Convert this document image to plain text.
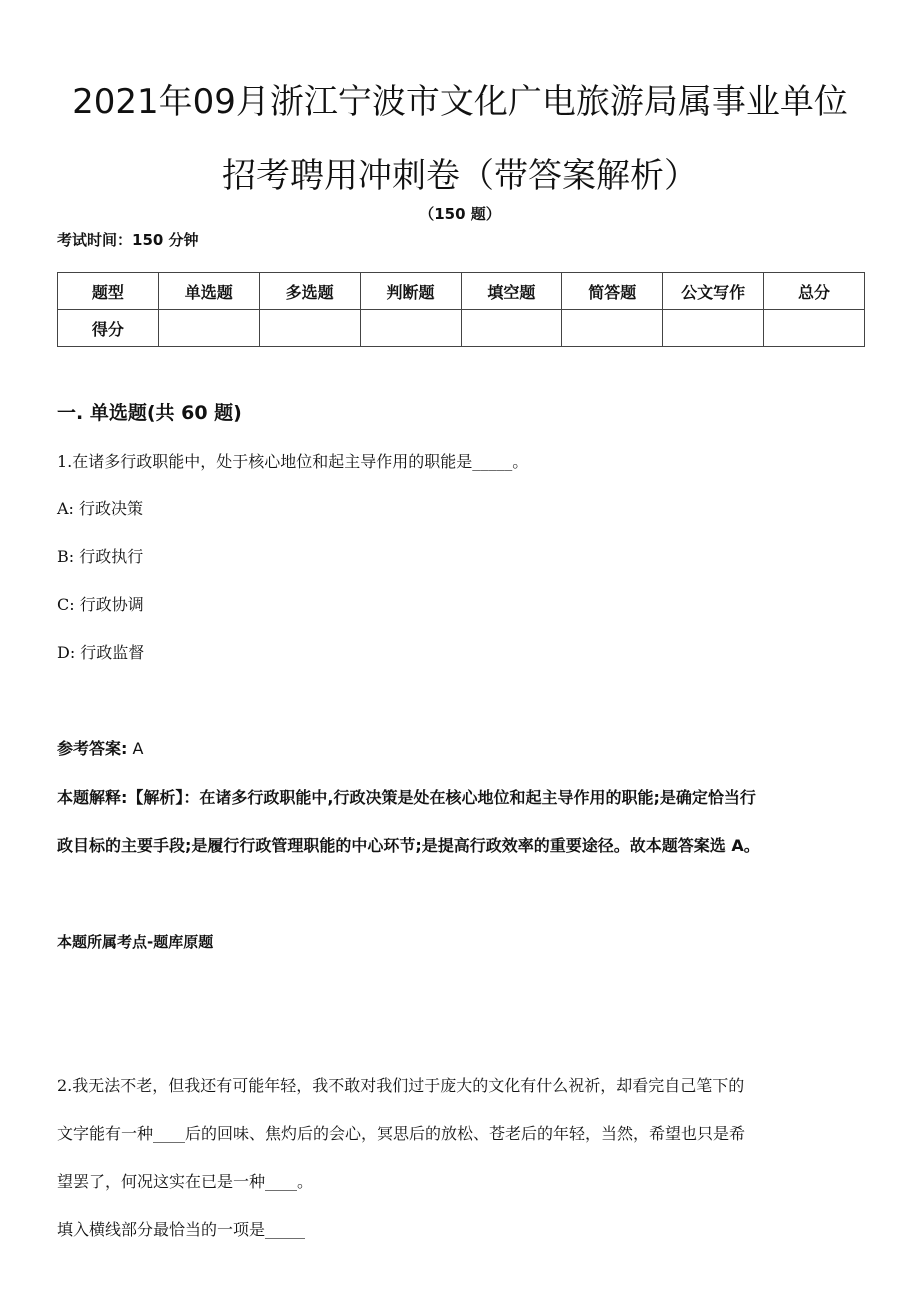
2021年09月浙江宁波市文化广电旅游局属事业单位
招考聘用冲刺卷（带答案解析）
（150 题）
考试时间：150 分钟
题型	单选题	多选题	判断题	填空题	简答题	公文写作	总分
得分							
一. 单选题(共 60 题)
1.在诸多行政职能中，处于核心地位和起主导作用的职能是_____。
A: 行政决策
B: 行政执行
C: 行政协调
D: 行政监督
参考答案: A
本题解释:【解析】：在诸多行政职能中,行政决策是处在核心地位和起主导作用的职能;是确定恰当行
政目标的主要手段;是履行行政管理职能的中心环节;是提高行政效率的重要途径。故本题答案选 A。
本题所属考点-题库原题
2.我无法不老，但我还有可能年轻，我不敢对我们过于庞大的文化有什么祝祈，却看完自己笔下的
文字能有一种____后的回味、焦灼后的会心，冥思后的放松、苍老后的年轻，当然，希望也只是希
望罢了，何况这实在已是一种____。
填入横线部分最恰当的一项是_____
